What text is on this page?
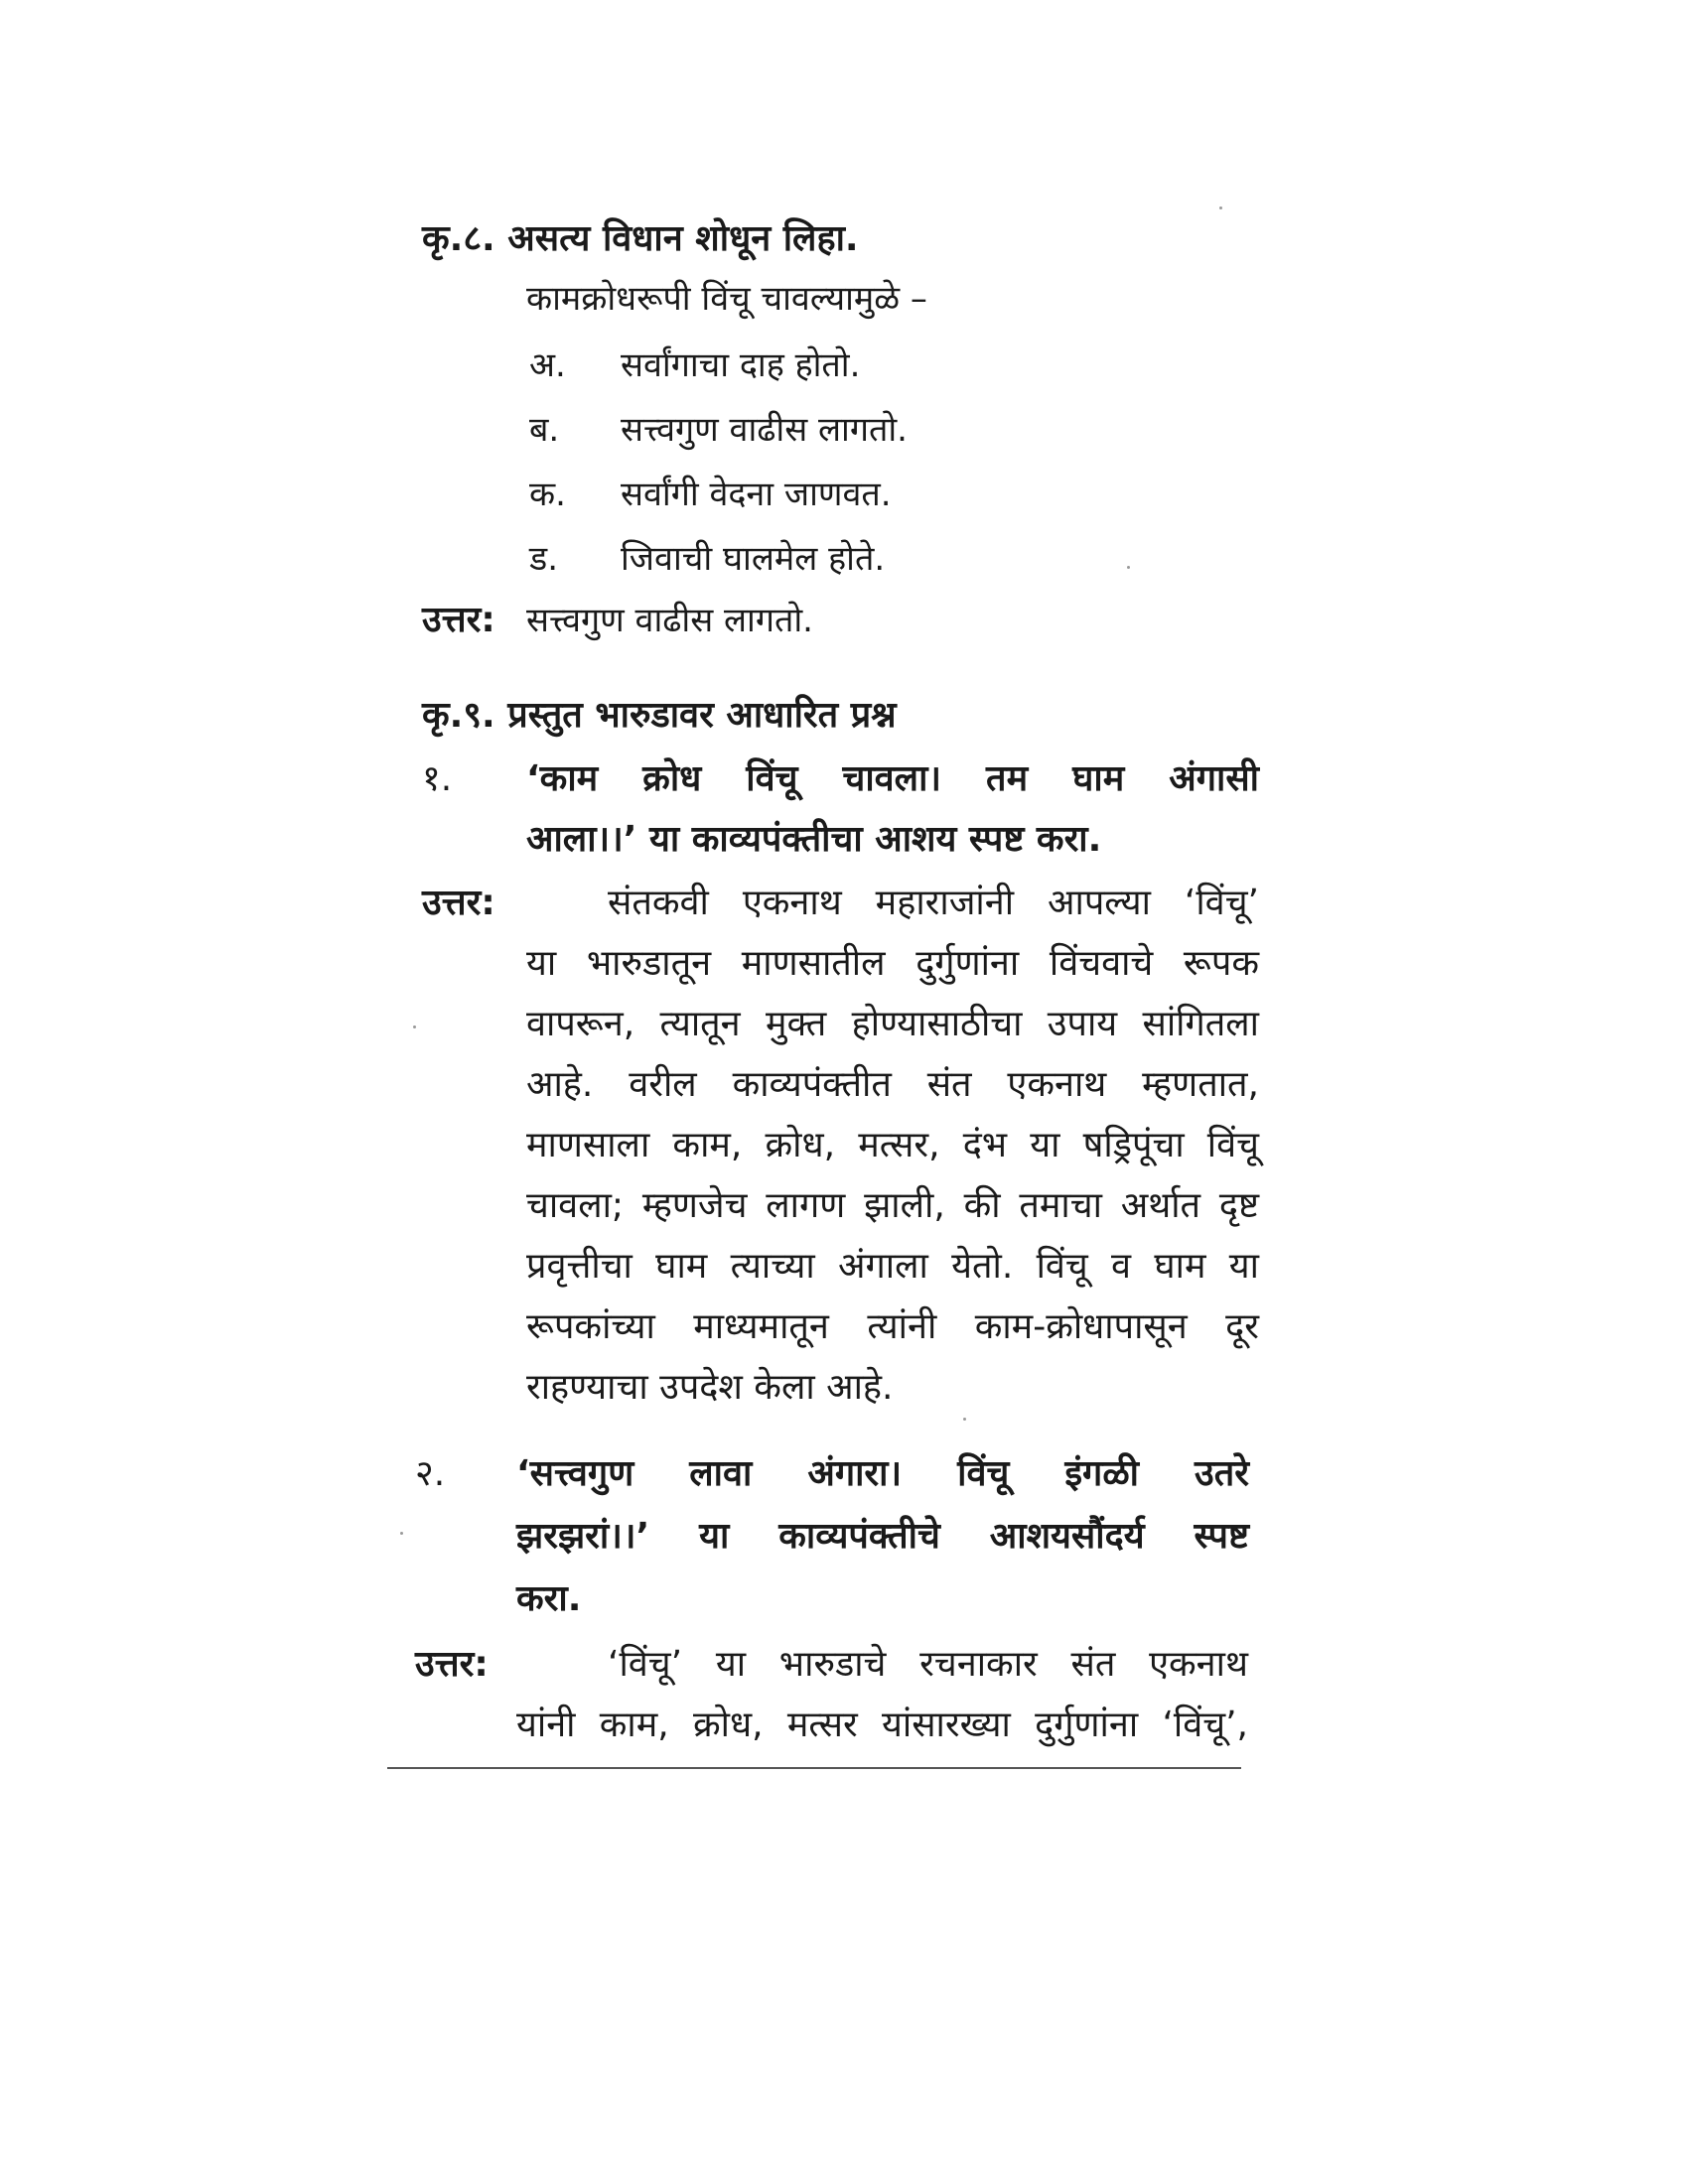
कृ.८. असत्य विधान शोधून लिहा.
कामक्रोधरूपी विंचू चावल्यामुळे –
अ. सर्वांगाचा दाह होतो.
ब. सत्त्वगुण वाढीस लागतो.
क. सर्वांगी वेदना जाणवत.
ड. जिवाची घालमेल होते.
उत्तर: सत्त्वगुण वाढीस लागतो.
कृ.९. प्रस्तुत भारुडावर आधारित प्रश्न
१. ‘काम क्रोध विंचू चावला। तम घाम अंगासी
आला।।’ या काव्यपंक्तीचा आशय स्पष्ट करा.
उत्तर:	संतकवी एकनाथ महाराजांनी आपल्या ‘विंचू’
या भारुडातून माणसातील दुर्गुणांना विंचवाचे रूपक
वापरून, त्यातून मुक्त होण्यासाठीचा उपाय सांगितला
आहे. वरील काव्यपंक्तीत संत एकनाथ म्हणतात,
माणसाला काम, क्रोध, मत्सर, दंभ या षड्रिपूंचा विंचू
चावला; म्हणजेच लागण झाली, की तमाचा अर्थात दृष्ट
प्रवृत्तीचा घाम त्याच्या अंगाला येतो. विंचू व घाम या
रूपकांच्या माध्यमातून त्यांनी काम-क्रोधापासून दूर
राहण्याचा उपदेश केला आहे.
२. ‘सत्त्वगुण लावा अंगारा। विंचू इंगळी उतरे
झरझरां।।’ या काव्यपंक्तीचे आशयसौंदर्य स्पष्ट
करा.
उत्तर:	‘विंचू’ या भारुडाचे रचनाकार संत एकनाथ
यांनी काम, क्रोध, मत्सर यांसारख्या दुर्गुणांना ‘विंचू’,
